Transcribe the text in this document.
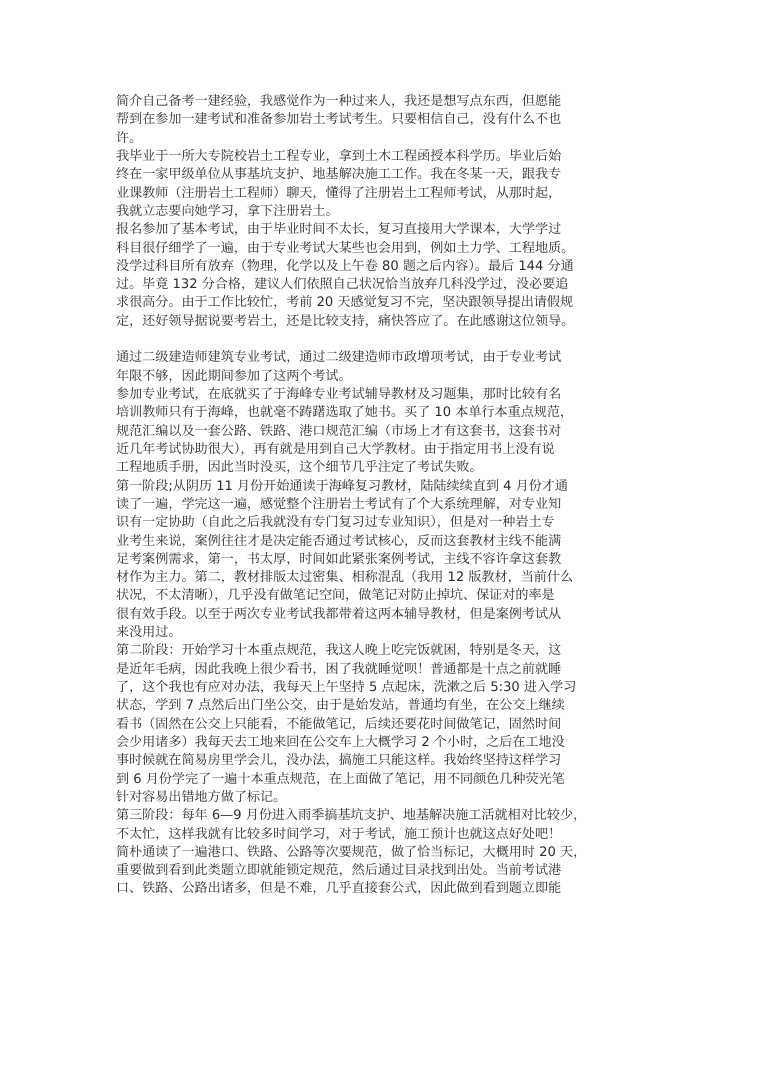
简介自己备考一建经验，我感觉作为一种过来人，我还是想写点东西，但愿能
帮到在参加一建考试和准备参加岩土考试考生。只要相信自己，没有什么不也
许。
我毕业于一所大专院校岩土工程专业，拿到土木工程函授本科学历。毕业后始
终在一家甲级单位从事基坑支护、地基解决施工工作。我在冬某一天，跟我专
业课教师（注册岩土工程师）聊天，懂得了注册岩土工程师考试，从那时起，
我就立志要向她学习，拿下注册岩土。
报名参加了基本考试，由于毕业时间不太长，复习直接用大学课本，大学学过
科目很仔细学了一遍，由于专业考试大某些也会用到，例如土力学、工程地质。
没学过科目所有放弃（物理，化学以及上午卷 80 题之后内容）。最后 144 分通
过。毕竟 132 分合格，建议人们依照自己状况恰当放弃几科没学过，没必要追
求很高分。由于工作比较忙，考前 20 天感觉复习不完，坚决跟领导提出请假规
定，还好领导据说要考岩土，还是比较支持，痛快答应了。在此感谢这位领导。

通过二级建造师建筑专业考试，通过二级建造师市政增项考试，由于专业考试
年限不够，因此期间参加了这两个考试。
参加专业考试，在底就买了于海峰专业考试辅导教材及习题集，那时比较有名
培训教师只有于海峰，也就毫不踌躇选取了她书。买了 10 本单行本重点规范，
规范汇编以及一套公路、铁路、港口规范汇编（市场上才有这套书，这套书对
近几年考试协助很大），再有就是用到自己大学教材。由于指定用书上没有说
工程地质手册，因此当时没买，这个细节几乎注定了考试失败。
第一阶段;从阴历 11 月份开始通读于海峰复习教材，陆陆续续直到 4 月份才通
读了一遍，学完这一遍，感觉整个注册岩土考试有了个大系统理解，对专业知
识有一定协助（自此之后我就没有专门复习过专业知识），但是对一种岩土专
业考生来说，案例往往才是决定能否通过考试核心，反而这套教材主线不能满
足考案例需求，第一，书太厚，时间如此紧张案例考试，主线不容许拿这套教
材作为主力。第二，教材排版太过密集、相称混乱（我用 12 版教材，当前什么
状况，不太清晰），几乎没有做笔记空间，做笔记对防止掉坑、保证对的率是
很有效手段。以至于两次专业考试我都带着这两本辅导教材，但是案例考试从
来没用过。
第二阶段：开始学习十本重点规范，我这人晚上吃完饭就困，特别是冬天，这
是近年毛病，因此我晚上很少看书，困了我就睡觉呗！普通都是十点之前就睡
了，这个我也有应对办法，我每天上午坚持 5 点起床，洗漱之后 5:30 进入学习
状态，学到 7 点然后出门坐公交，由于是始发站，普通均有坐，在公交上继续
看书（固然在公交上只能看，不能做笔记，后续还要花时间做笔记，固然时间
会少用诸多）我每天去工地来回在公交车上大概学习 2 个小时，之后在工地没
事时候就在简易房里学会儿，没办法，搞施工只能这样。我始终坚持这样学习
到 6 月份学完了一遍十本重点规范，在上面做了笔记，用不同颜色几种荧光笔
针对容易出错地方做了标记。
第三阶段：每年 6—9 月份进入雨季搞基坑支护、地基解决施工活就相对比较少，
不太忙，这样我就有比较多时间学习，对于考试，施工预计也就这点好处吧！
简朴通读了一遍港口、铁路、公路等次要规范，做了恰当标记，大概用时 20 天，
重要做到看到此类题立即就能锁定规范，然后通过目录找到出处。当前考试港
口、铁路、公路出诸多，但是不难，几乎直接套公式，因此做到看到题立即能
